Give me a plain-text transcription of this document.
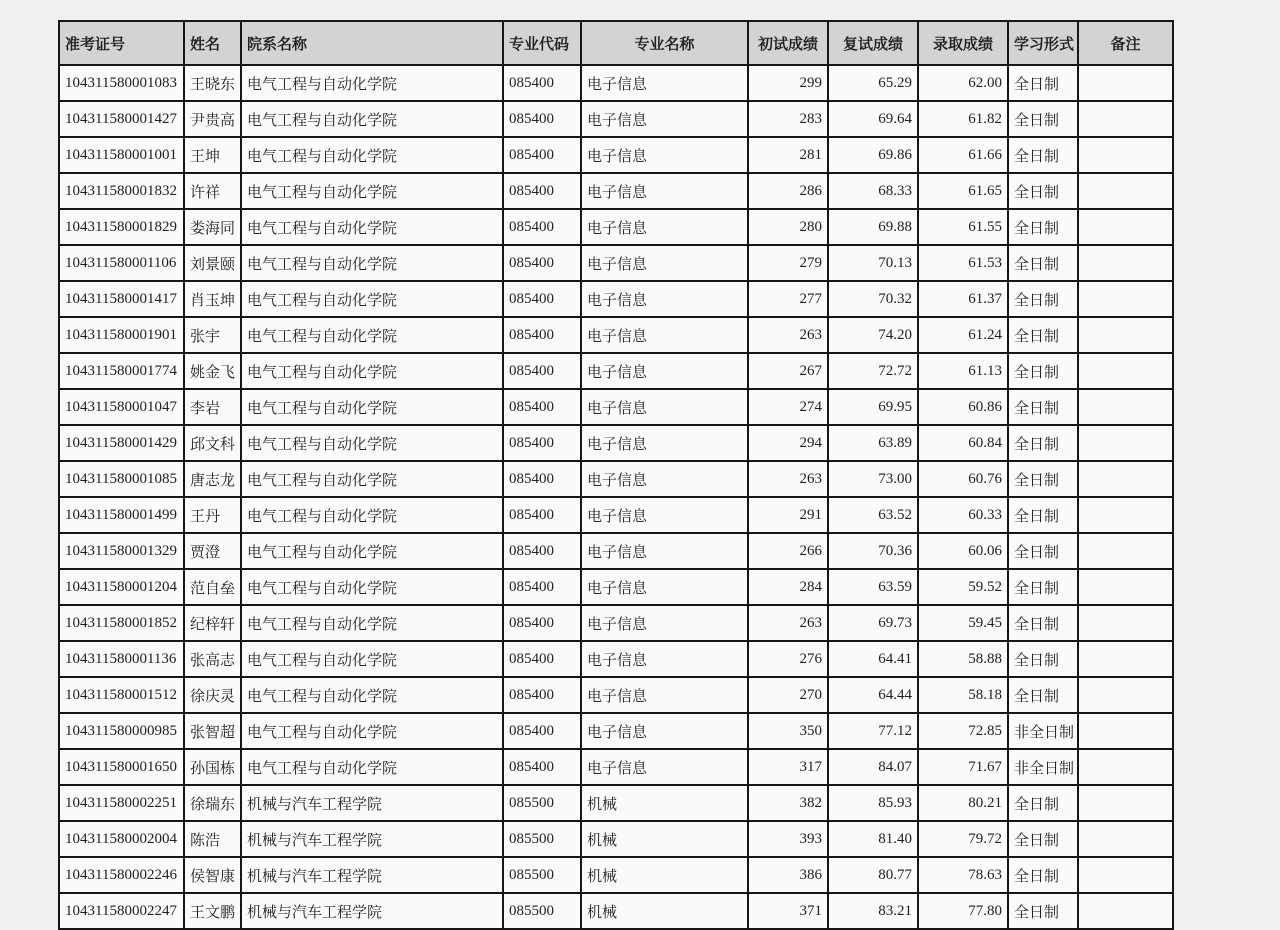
准考证号	姓名	院系名称	专业代码	专业名称	初试成绩	复试成绩	录取成绩	学习形式	备注
104311580001083	王晓东	电气工程与自动化学院	085400	电子信息	299	65.29	62.00	全日制	
104311580001427	尹贵高	电气工程与自动化学院	085400	电子信息	283	69.64	61.82	全日制	
104311580001001	王坤	电气工程与自动化学院	085400	电子信息	281	69.86	61.66	全日制	
104311580001832	许祥	电气工程与自动化学院	085400	电子信息	286	68.33	61.65	全日制	
104311580001829	娄海同	电气工程与自动化学院	085400	电子信息	280	69.88	61.55	全日制	
104311580001106	刘景颐	电气工程与自动化学院	085400	电子信息	279	70.13	61.53	全日制	
104311580001417	肖玉坤	电气工程与自动化学院	085400	电子信息	277	70.32	61.37	全日制	
104311580001901	张宇	电气工程与自动化学院	085400	电子信息	263	74.20	61.24	全日制	
104311580001774	姚金飞	电气工程与自动化学院	085400	电子信息	267	72.72	61.13	全日制	
104311580001047	李岩	电气工程与自动化学院	085400	电子信息	274	69.95	60.86	全日制	
104311580001429	邱文科	电气工程与自动化学院	085400	电子信息	294	63.89	60.84	全日制	
104311580001085	唐志龙	电气工程与自动化学院	085400	电子信息	263	73.00	60.76	全日制	
104311580001499	王丹	电气工程与自动化学院	085400	电子信息	291	63.52	60.33	全日制	
104311580001329	贾澄	电气工程与自动化学院	085400	电子信息	266	70.36	60.06	全日制	
104311580001204	范自垒	电气工程与自动化学院	085400	电子信息	284	63.59	59.52	全日制	
104311580001852	纪梓轩	电气工程与自动化学院	085400	电子信息	263	69.73	59.45	全日制	
104311580001136	张高志	电气工程与自动化学院	085400	电子信息	276	64.41	58.88	全日制	
104311580001512	徐庆灵	电气工程与自动化学院	085400	电子信息	270	64.44	58.18	全日制	
104311580000985	张智超	电气工程与自动化学院	085400	电子信息	350	77.12	72.85	非全日制	
104311580001650	孙国栋	电气工程与自动化学院	085400	电子信息	317	84.07	71.67	非全日制	
104311580002251	徐瑞东	机械与汽车工程学院	085500	机械	382	85.93	80.21	全日制	
104311580002004	陈浩	机械与汽车工程学院	085500	机械	393	81.40	79.72	全日制	
104311580002246	侯智康	机械与汽车工程学院	085500	机械	386	80.77	78.63	全日制	
104311580002247	王文鹏	机械与汽车工程学院	085500	机械	371	83.21	77.80	全日制	
